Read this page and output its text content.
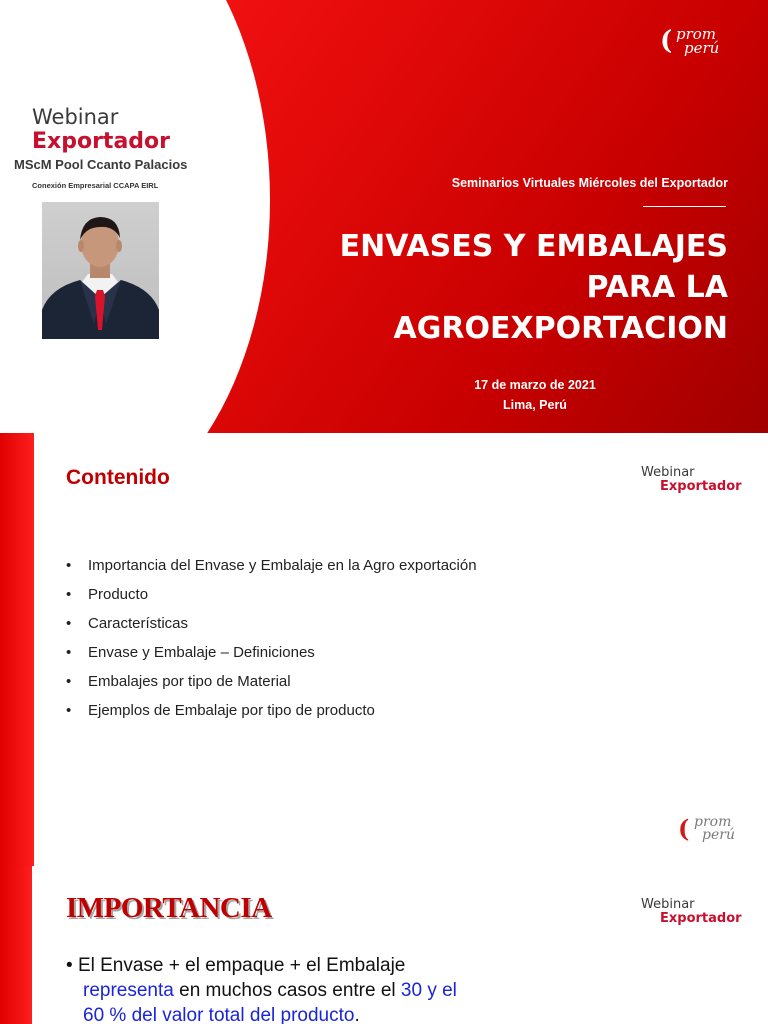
Webinar
Exportador
MScM Pool Ccanto Palacios
Conexión Empresarial CCAPA EIRL
( prom
perú
Seminarios Virtuales Miércoles del Exportador
ENVASES Y EMBALAJES
PARA LA
AGROEXPORTACION
17 de marzo de 2021
Lima, Perú
Contenido	Webinar
Exportador
• Importancia del Envase y Embalaje en la Agro exportación
• Producto
• Características
• Envase y Embalaje – Definiciones
• Embalajes por tipo de Material
• Ejemplos de Embalaje por tipo de producto
( prom
perú
IMPORTANCIA	Webinar
Exportador
• El Envase + el empaque + el Embalaje
representa en muchos casos entre el 30 y el
60 % del valor total del producto.
